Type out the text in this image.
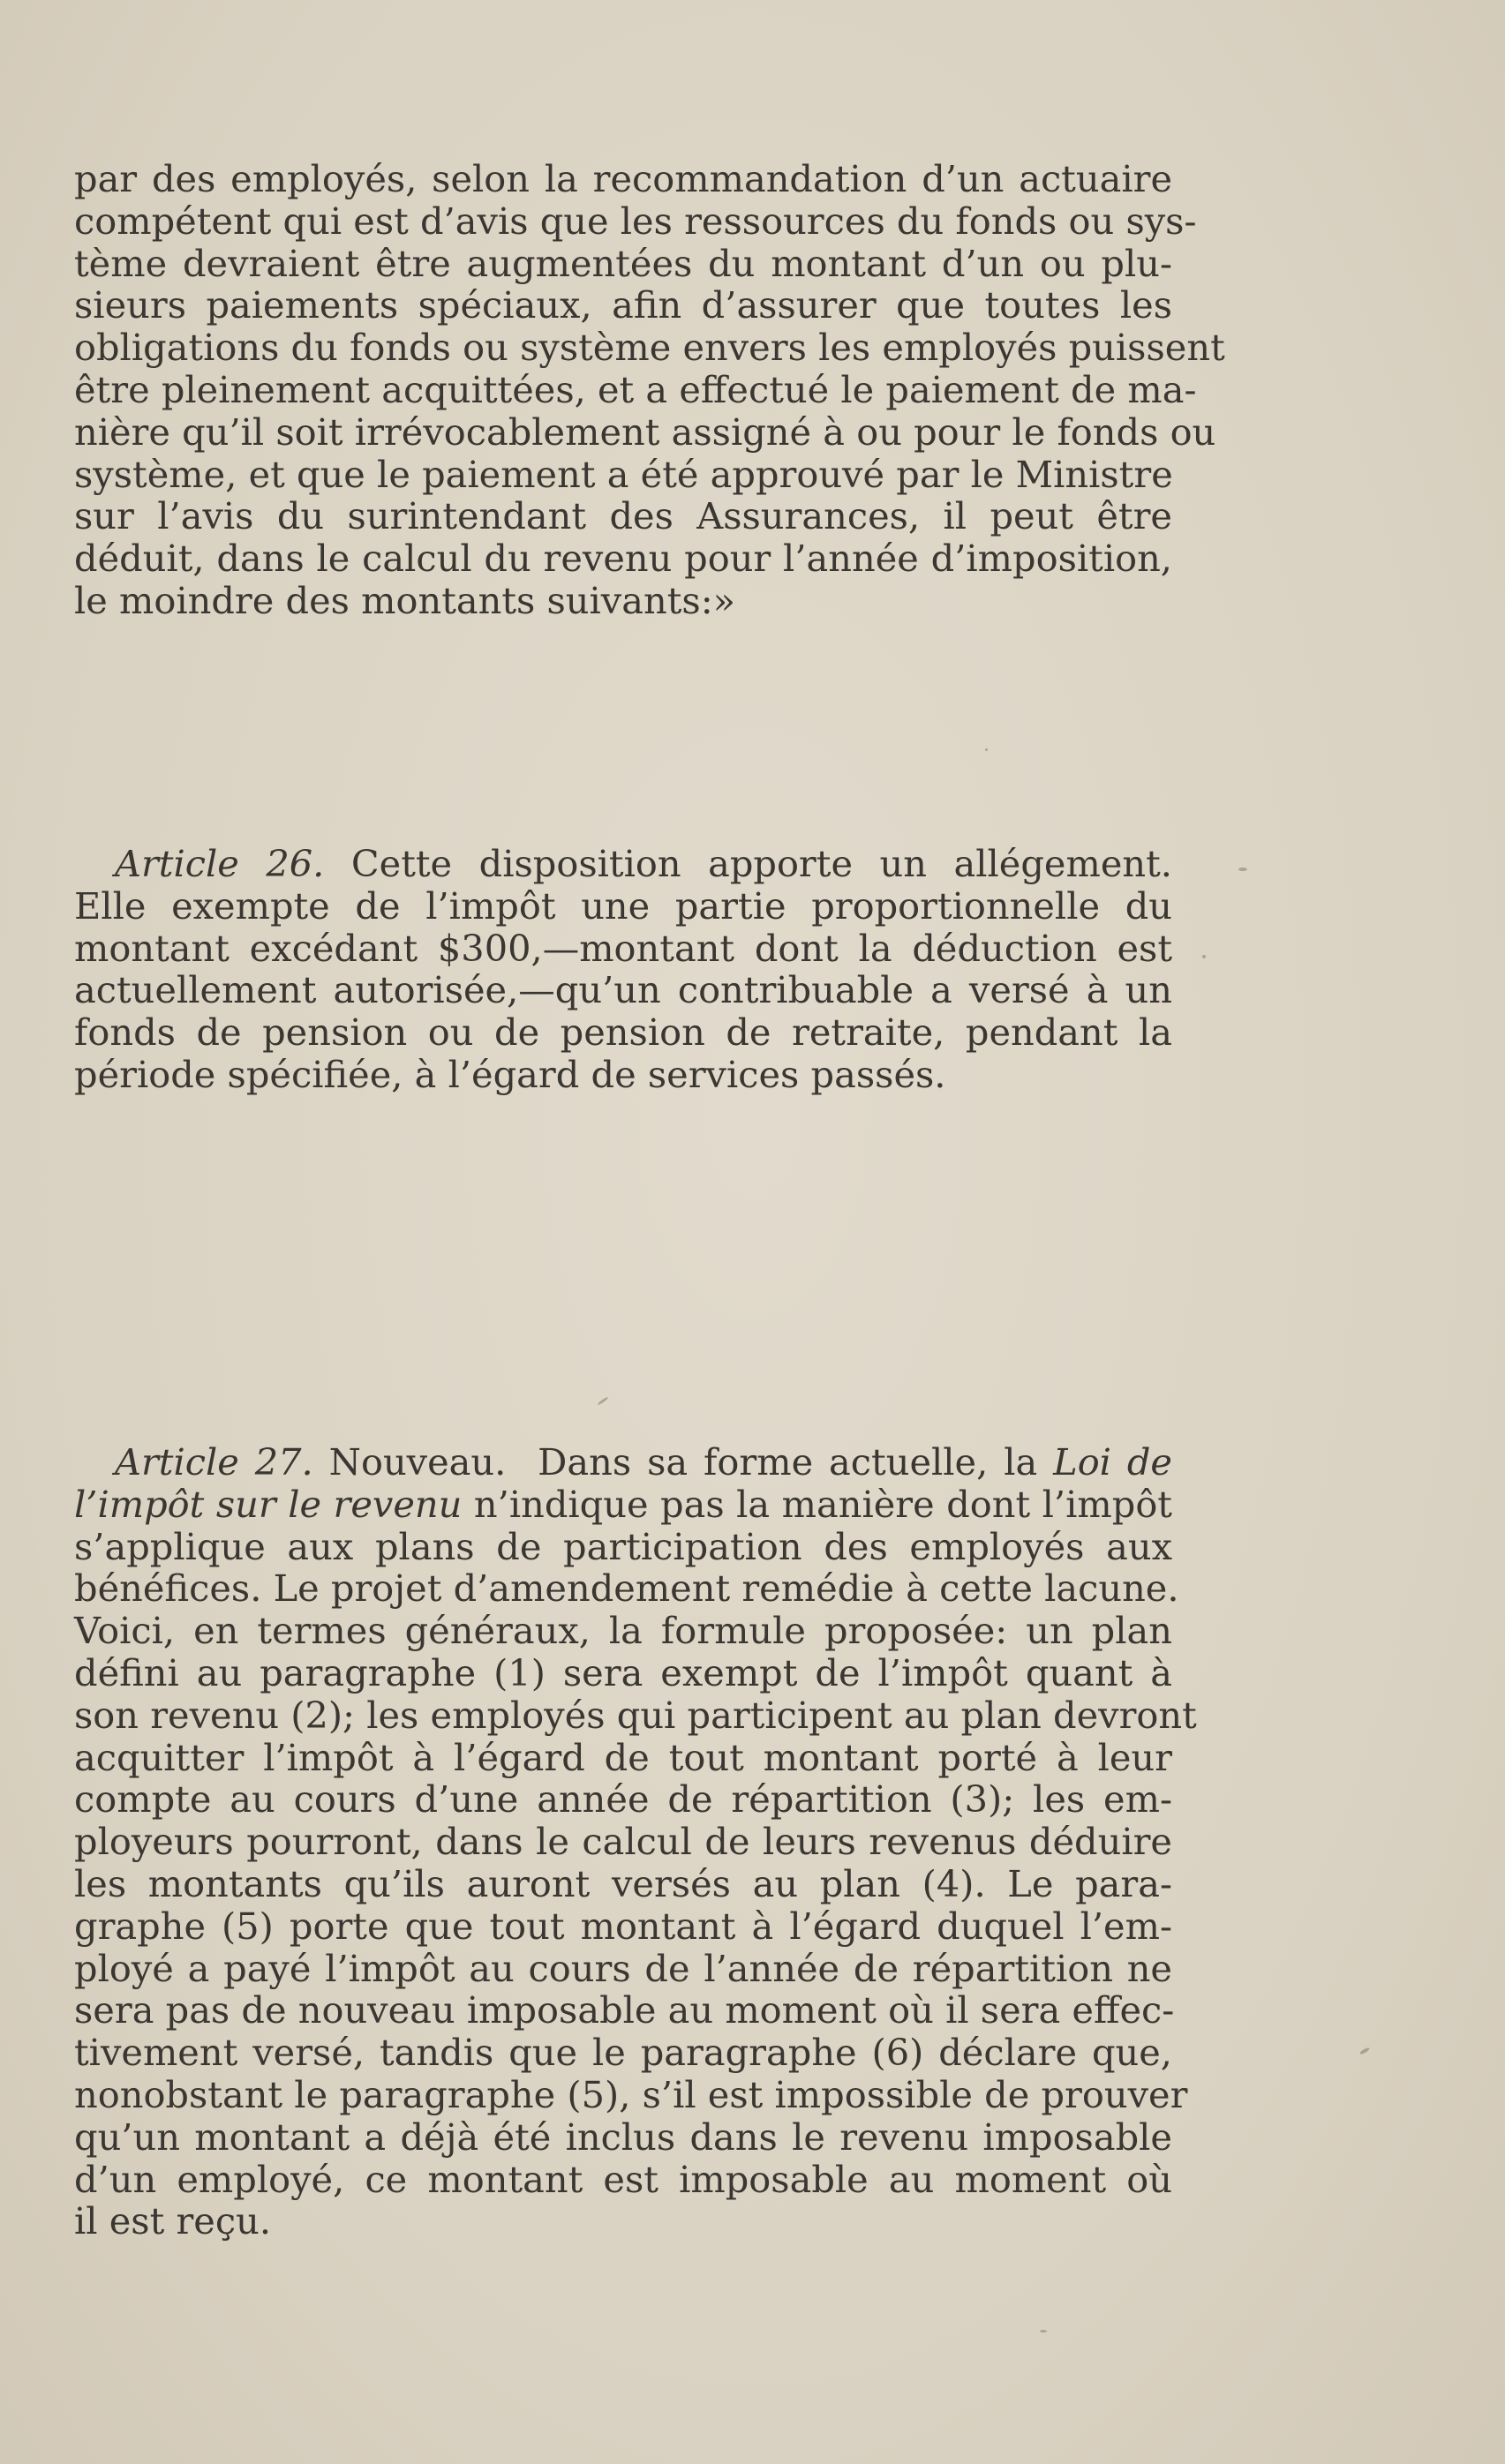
par des employés, selon la recommandation d’un actuaire
compétent qui est d’avis que les ressources du fonds ou sys-
tème devraient être augmentées du montant d’un ou plu-
sieurs paiements spéciaux, afin d’assurer que toutes les
obligations du fonds ou système envers les employés puissent
être pleinement acquittées, et a effectué le paiement de ma-
nière qu’il soit irrévocablement assigné à ou pour le fonds ou
système, et que le paiement a été approuvé par le Ministre
sur l’avis du surintendant des Assurances, il peut être
déduit, dans le calcul du revenu pour l’année d’imposition,
le moindre des montants suivants:»
Article 26. Cette disposition apporte un allégement.
Elle exempte de l’impôt une partie proportionnelle du
montant excédant $300,—montant dont la déduction est
actuellement autorisée,—qu’un contribuable a versé à un
fonds de pension ou de pension de retraite, pendant la
période spécifiée, à l’égard de services passés.
Article 27. Nouveau.  Dans sa forme actuelle, la Loi de
l’impôt sur le revenu n’indique pas la manière dont l’impôt
s’applique aux plans de participation des employés aux
bénéfices. Le projet d’amendement remédie à cette lacune.
Voici, en termes généraux, la formule proposée: un plan
défini au paragraphe (1) sera exempt de l’impôt quant à
son revenu (2); les employés qui participent au plan devront
acquitter l’impôt à l’égard de tout montant porté à leur
compte au cours d’une année de répartition (3); les em-
ployeurs pourront, dans le calcul de leurs revenus déduire
les montants qu’ils auront versés au plan (4). Le para-
graphe (5) porte que tout montant à l’égard duquel l’em-
ployé a payé l’impôt au cours de l’année de répartition ne
sera pas de nouveau imposable au moment où il sera effec-
tivement versé, tandis que le paragraphe (6) déclare que,
nonobstant le paragraphe (5), s’il est impossible de prouver
qu’un montant a déjà été inclus dans le revenu imposable
d’un employé, ce montant est imposable au moment où
il est reçu.
